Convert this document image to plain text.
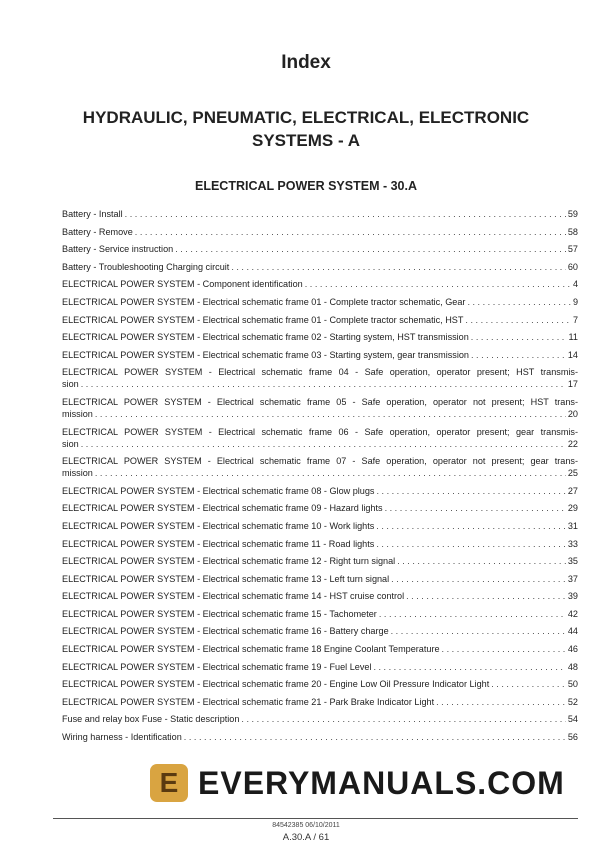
Index
HYDRAULIC, PNEUMATIC, ELECTRICAL, ELECTRONIC SYSTEMS - A
ELECTRICAL POWER SYSTEM - 30.A
Battery - Install . . .	59
Battery - Remove . . .	58
Battery - Service instruction . . .	57
Battery - Troubleshooting Charging circuit . . .	60
ELECTRICAL POWER SYSTEM - Component identification . . .	4
ELECTRICAL POWER SYSTEM - Electrical schematic frame 01 - Complete tractor schematic, Gear . . .	9
ELECTRICAL POWER SYSTEM - Electrical schematic frame 01 - Complete tractor schematic, HST . . .	7
ELECTRICAL POWER SYSTEM - Electrical schematic frame 02 - Starting system, HST transmission . . .	11
ELECTRICAL POWER SYSTEM - Electrical schematic frame 03 - Starting system, gear transmission . . .	14
ELECTRICAL POWER SYSTEM - Electrical schematic frame 04 - Safe operation, operator present; HST transmis-
sion . . .	17
ELECTRICAL POWER SYSTEM - Electrical schematic frame 05 - Safe operation, operator not present; HST trans-
mission . . .	20
ELECTRICAL POWER SYSTEM - Electrical schematic frame 06 - Safe operation, operator present; gear transmis-
sion . . .	22
ELECTRICAL POWER SYSTEM - Electrical schematic frame 07 - Safe operation, operator not present; gear trans-
mission . . .	25
ELECTRICAL POWER SYSTEM - Electrical schematic frame 08 - Glow plugs . . .	27
ELECTRICAL POWER SYSTEM - Electrical schematic frame 09 - Hazard lights . . .	29
ELECTRICAL POWER SYSTEM - Electrical schematic frame 10 - Work lights . . .	31
ELECTRICAL POWER SYSTEM - Electrical schematic frame 11 - Road lights . . .	33
ELECTRICAL POWER SYSTEM - Electrical schematic frame 12 - Right turn signal . . .	35
ELECTRICAL POWER SYSTEM - Electrical schematic frame 13 - Left turn signal . . .	37
ELECTRICAL POWER SYSTEM - Electrical schematic frame 14 - HST cruise control . . .	39
ELECTRICAL POWER SYSTEM - Electrical schematic frame 15 - Tachometer . . .	42
ELECTRICAL POWER SYSTEM - Electrical schematic frame 16 - Battery charge . . .	44
ELECTRICAL POWER SYSTEM - Electrical schematic frame 18 Engine Coolant Temperature . . .	46
ELECTRICAL POWER SYSTEM - Electrical schematic frame 19 - Fuel Level . . .	48
ELECTRICAL POWER SYSTEM - Electrical schematic frame 20 - Engine Low Oil Pressure Indicator Light . . .	50
ELECTRICAL POWER SYSTEM - Electrical schematic frame 21 - Park Brake Indicator Light . . .	52
Fuse and relay box Fuse - Static description . . .	54
Wiring harness - Identification . . .	56
E EVERYMANUALS.COM
84542385 06/10/2011
A.30.A / 61
